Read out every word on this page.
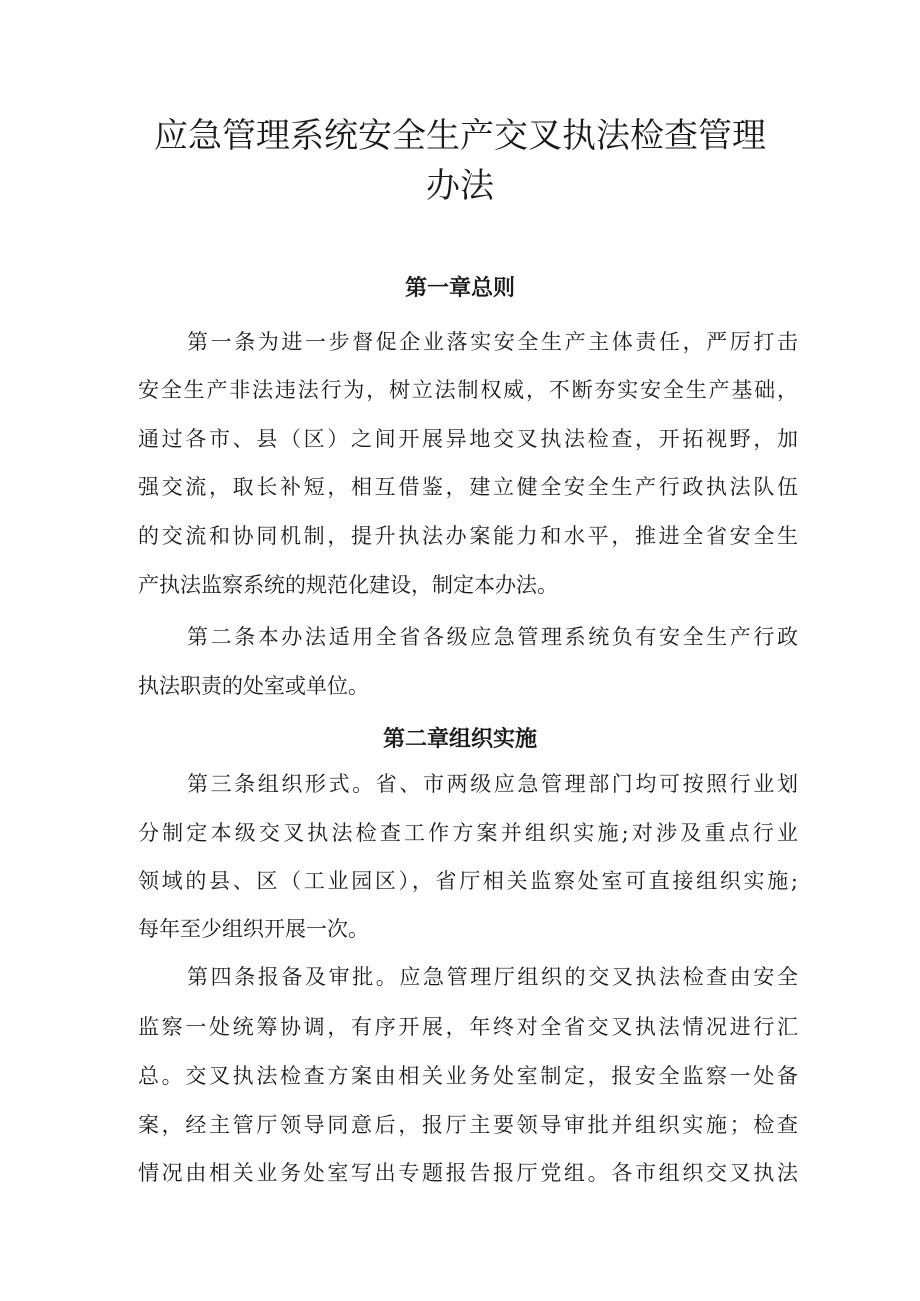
应急管理系统安全生产交叉执法检查管理
办法
第一章总则

第一条为进一步督促企业落实安全生产主体责任，严厉打击

安全生产非法违法行为，树立法制权威，不断夯实安全生产基础，

通过各市、县（区）之间开展异地交叉执法检查，开拓视野，加

强交流，取长补短，相互借鉴，建立健全安全生产行政执法队伍

的交流和协同机制，提升执法办案能力和水平，推进全省安全生

产执法监察系统的规范化建设，制定本办法。

第二条本办法适用全省各级应急管理系统负有安全生产行政

执法职责的处室或单位。

第二章组织实施

第三条组织形式。省、市两级应急管理部门均可按照行业划

分制定本级交叉执法检查工作方案并组织实施;对涉及重点行业

领域的县、区（工业园区），省厅相关监察处室可直接组织实施;

每年至少组织开展一次。

第四条报备及审批。应急管理厅组织的交叉执法检查由安全

监察一处统筹协调，有序开展，年终对全省交叉执法情况进行汇

总。交叉执法检查方案由相关业务处室制定，报安全监察一处备

案，经主管厅领导同意后，报厅主要领导审批并组织实施；检查

情况由相关业务处室写出专题报告报厅党组。各市组织交叉执法
